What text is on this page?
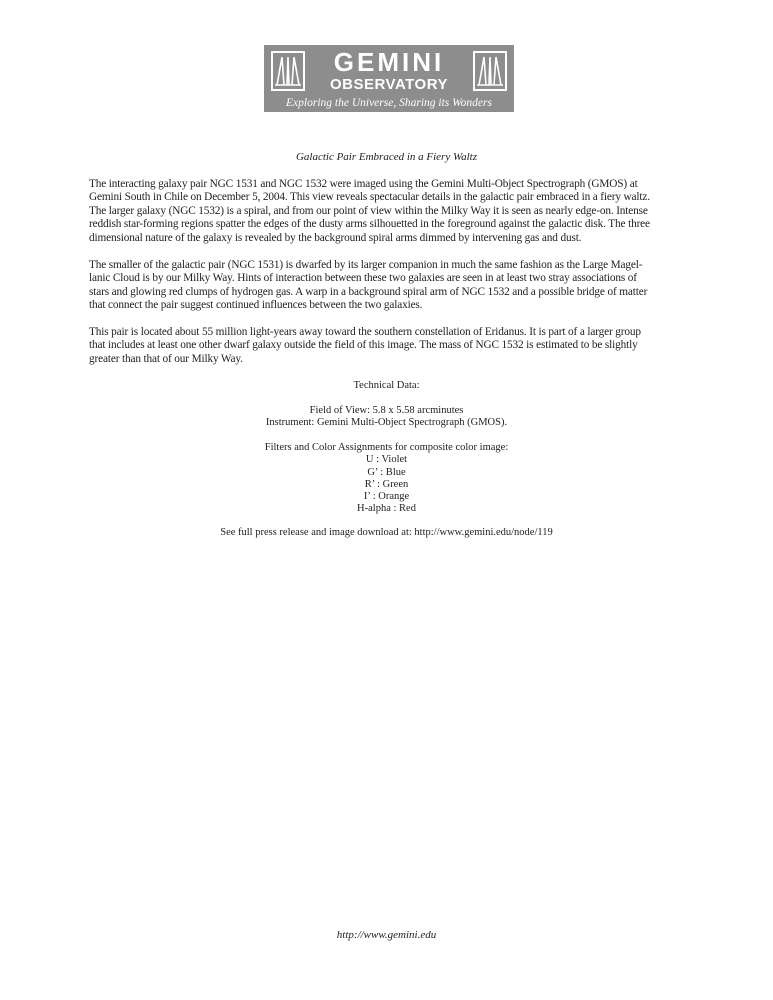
GEMINI
OBSERVATORY
Exploring the Universe, Sharing its Wonders
Galactic Pair Embraced in a Fiery Waltz

The interacting galaxy pair NGC 1531 and NGC 1532 were imaged using the Gemini Multi-Object Spectrograph (GMOS) at
Gemini South in Chile on December 5, 2004. This view reveals spectacular details in the galactic pair embraced in a fiery waltz.
The larger galaxy (NGC 1532) is a spiral, and from our point of view within the Milky Way it is seen as nearly edge-on. Intense
reddish star-forming regions spatter the edges of the dusty arms silhouetted in the foreground against the galactic disk. The three
dimensional nature of the galaxy is revealed by the background spiral arms dimmed by intervening gas and dust.

The smaller of the galactic pair (NGC 1531) is dwarfed by its larger companion in much the same fashion as the Large Magel-
lanic Cloud is by our Milky Way. Hints of interaction between these two galaxies are seen in at least two stray associations of
stars and glowing red clumps of hydrogen gas. A warp in a background spiral arm of NGC 1532 and a possible bridge of matter
that connect the pair suggest continued influences between the two galaxies.

This pair is located about 55 million light-years away toward the southern constellation of Eridanus. It is part of a larger group
that includes at least one other dwarf galaxy outside the field of this image. The mass of NGC 1532 is estimated to be slightly
greater than that of our Milky Way.

Technical Data:
Field of View: 5.8 x 5.58 arcminutes
Instrument: Gemini Multi-Object Spectrograph (GMOS).
Filters and Color Assignments for composite color image:
U : Violet
G’ : Blue
R’ : Green
I’ : Orange
H-alpha : Red
See full press release and image download at: http://www.gemini.edu/node/119
http://www.gemini.edu
